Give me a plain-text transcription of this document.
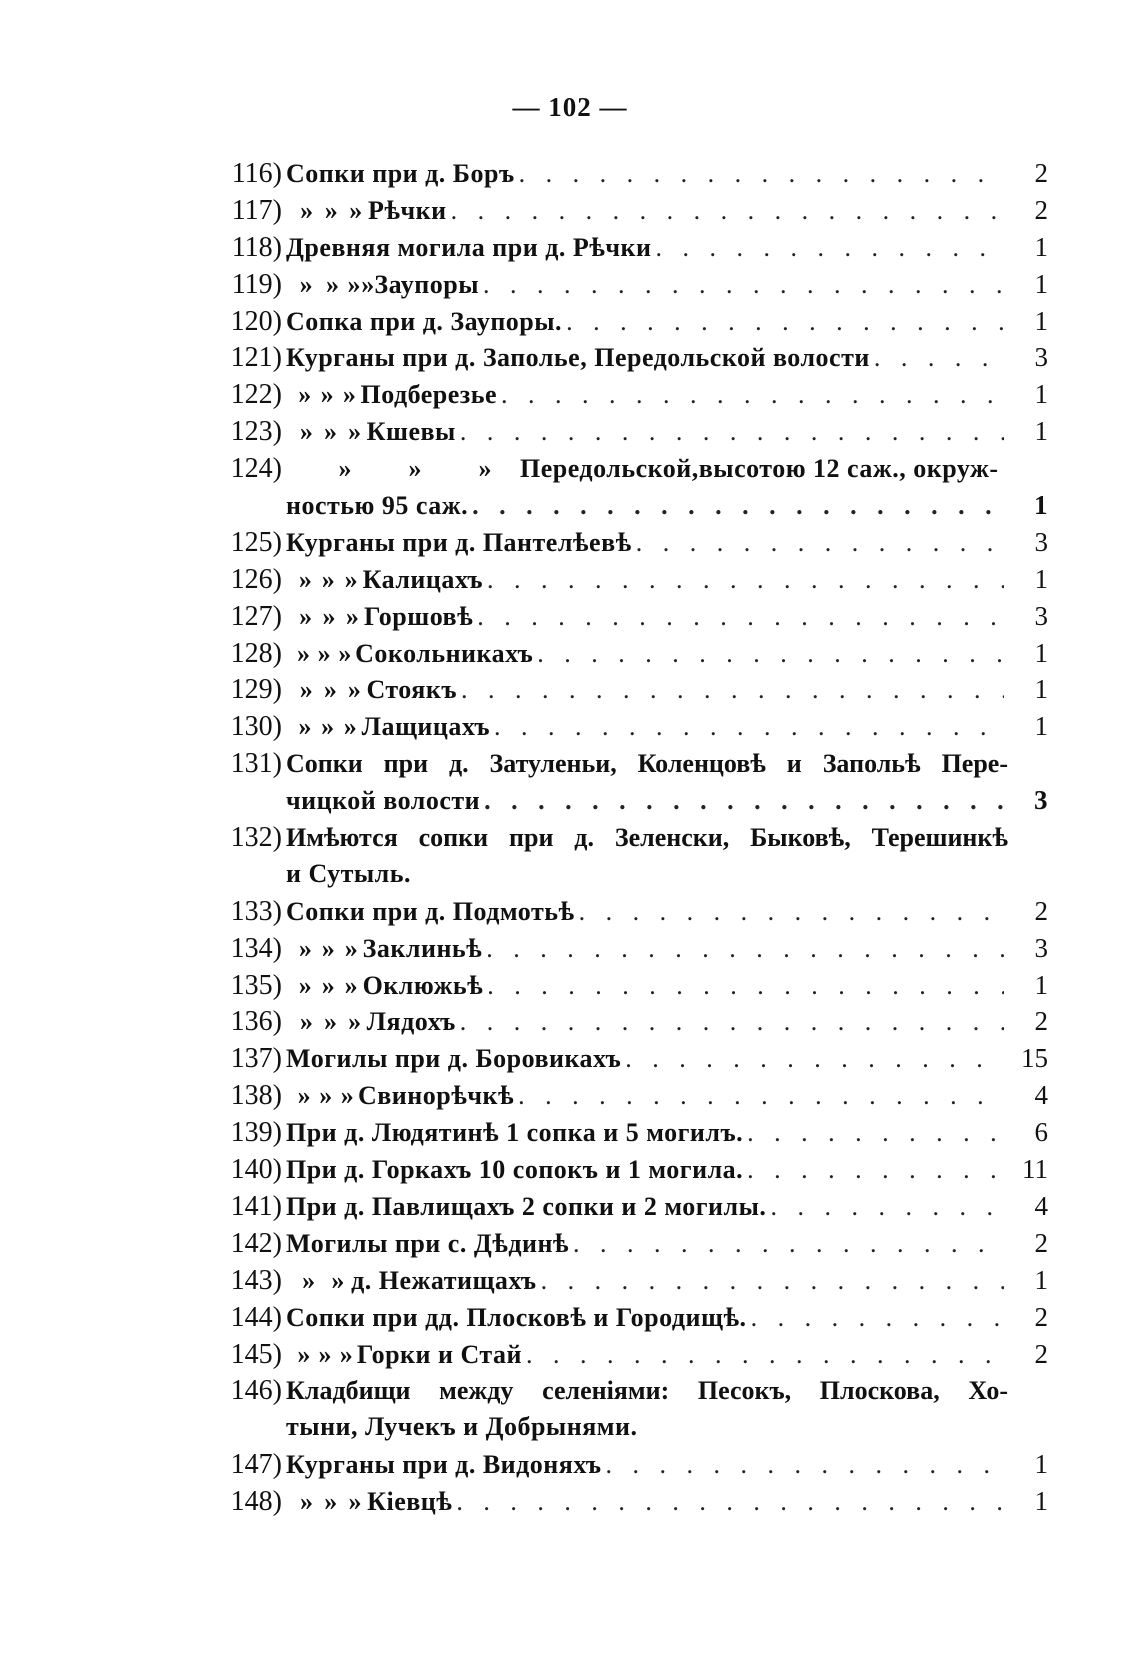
— 102 —
116) Сопки при д. Боръ . . .	2
117) » » » Рѣчки . . .	2
118) Древняя могила при д. Рѣчки . . .	1
119) » » » » Заупоры . . .	1
120) Сопка при д. Заупоры. . . .	1
121) Курганы при д. Заполье, Передольской волости . . .	3
122) » » » Подберезье . . .	1
123) » » » Кшевы . . .	1
124)	»	»	»	Передольской,высотою 12 саж., окруж-
ностью 95 саж. . . .	1
125) Курганы при д. Пантелѣевѣ . . .	3
126) » » » Калицахъ . . .	1
127) » » » Горшовѣ . . .	3
128) » » » Сокольникахъ . . .	1
129) » » » Стоякъ . . .	1
130) » » » Лащицахъ . . .	1
131) Сопки при д. Затуленьи, Коленцовѣ и Запольѣ Пере-
чицкой волости . . .	3
132) Имѣются сопки при д. Зеленски, Быковѣ, Терешинкѣ
и Сутыль.
133) Сопки при д. Подмотьѣ . . .	2
134) » » » Заклиньѣ . . .	3
135) » » » Оклюжьѣ . . .	1
136) » » » Лядохъ . . .	2
137) Могилы при д. Боровикахъ . . .	15
138) » » » Свинорѣчкѣ . . .	4
139) При д. Людятинѣ 1 сопка и 5 могилъ. . . .	6
140) При д. Горкахъ 10 сопокъ и 1 могила. . . .	11
141) При д. Павлищахъ 2 сопки и 2 могилы. . . .	4
142) Могилы при с. Дѣдинѣ . . .	2
143) » » д. Нежатищахъ . . .	1
144) Сопки при дд. Плосковѣ и Городищѣ. . . .	2
145) » » » Горки и Стай . . .	2
146) Кладбищи между селеніями: Песокъ, Плоскова, Хо-
тыни, Лучекъ и Добрынями.
147) Курганы при д. Видоняхъ . . .	1
148) » » » Кіевцѣ . . .	1
